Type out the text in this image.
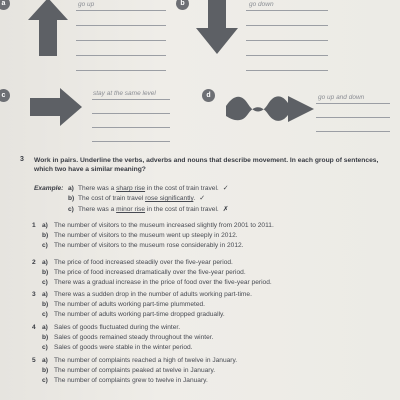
a	b
c	d
go up	go down
stay at the same level
go up and down
3 Work in pairs. Underline the verbs, adverbs and nouns that describe movement. In each group of sentences, which two have a similar meaning?
Example: a) There was a sharp rise in the cost of train travel. ✓
b) The cost of train travel rose significantly. ✓
c) There was a minor rise in the cost of train travel. ✗
1 a) The number of visitors to the museum increased slightly from 2001 to 2011.
b) The number of visitors to the museum went up steeply in 2012.
c) The number of visitors to the museum rose considerably in 2012.
2 a) The price of food increased steadily over the five-year period.
b) The price of food increased dramatically over the five-year period.
c) There was a gradual increase in the price of food over the five-year period.
3 a) There was a sudden drop in the number of adults working part-time.
b) The number of adults working part-time plummeted.
c) The number of adults working part-time dropped gradually.
4 a) Sales of goods fluctuated during the winter.
b) Sales of goods remained steady throughout the winter.
c) Sales of goods were stable in the winter period.
5 a) The number of complaints reached a high of twelve in January.
b) The number of complaints peaked at twelve in January.
c) The number of complaints grew to twelve in January.
